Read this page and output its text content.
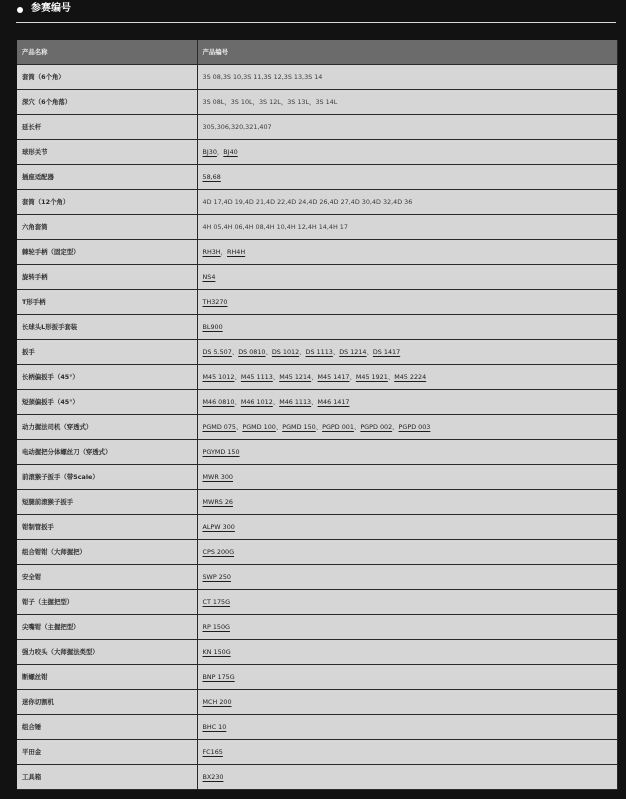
参赛编号
产品名称	产品编号
套筒（6个角）	3S 08,3S 10,3S 11,3S 12,3S 13,3S 14
深穴（6个角落）	3S 08L，3S 10L，3S 12L，3S 13L，3S 14L
延长杆	305,306,320,321,407
球形关节	BJ30，BJ40
插座适配器	58,68
套筒（12个角）	4D 17,4D 19,4D 21,4D 22,4D 24,4D 26,4D 27,4D 30,4D 32,4D 36
六角套筒	4H 05,4H 06,4H 08,4H 10,4H 12,4H 14,4H 17
棘轮手柄（固定型）	RH3H，RH4H
旋转手柄	NS4
T形手柄	TH3270
长球头L形扳手套装	BL900
扳手	DS 5.507、DS 0810、DS 1012、DS 1113、DS 1214、DS 1417
长柄偏扳手（45°）	M45 1012、M45 1113、M45 1214、M45 1417、M45 1921、M45 2224
短颈偏扳手（45°）	M46 0810、M46 1012、M46 1113、M46 1417
动力握法司机（穿透式）	PGMD 075、PGMD 100、PGMD 150、PGPD 001、PGPD 002、PGPD 003
电动握把分体螺丝刀（穿透式）	PGYMD 150
前滚猴子扳手（带Scale）	MWR 300
短腿前滚猴子扳手	MWRS 26
钳制管扳手	ALPW 300
组合钳钳（大师握把）	CPS 200G
安全钳	SWP 250
钳子（主握把型）	CT 175G
尖嘴钳（主握把型）	RP 150G
强力咬头（大师握法类型）	KN 150G
断螺丝钳	BNP 175G
迷你切割机	MCH 200
组合锤	BHC 10
平田金	FC165
工具箱	BX230
